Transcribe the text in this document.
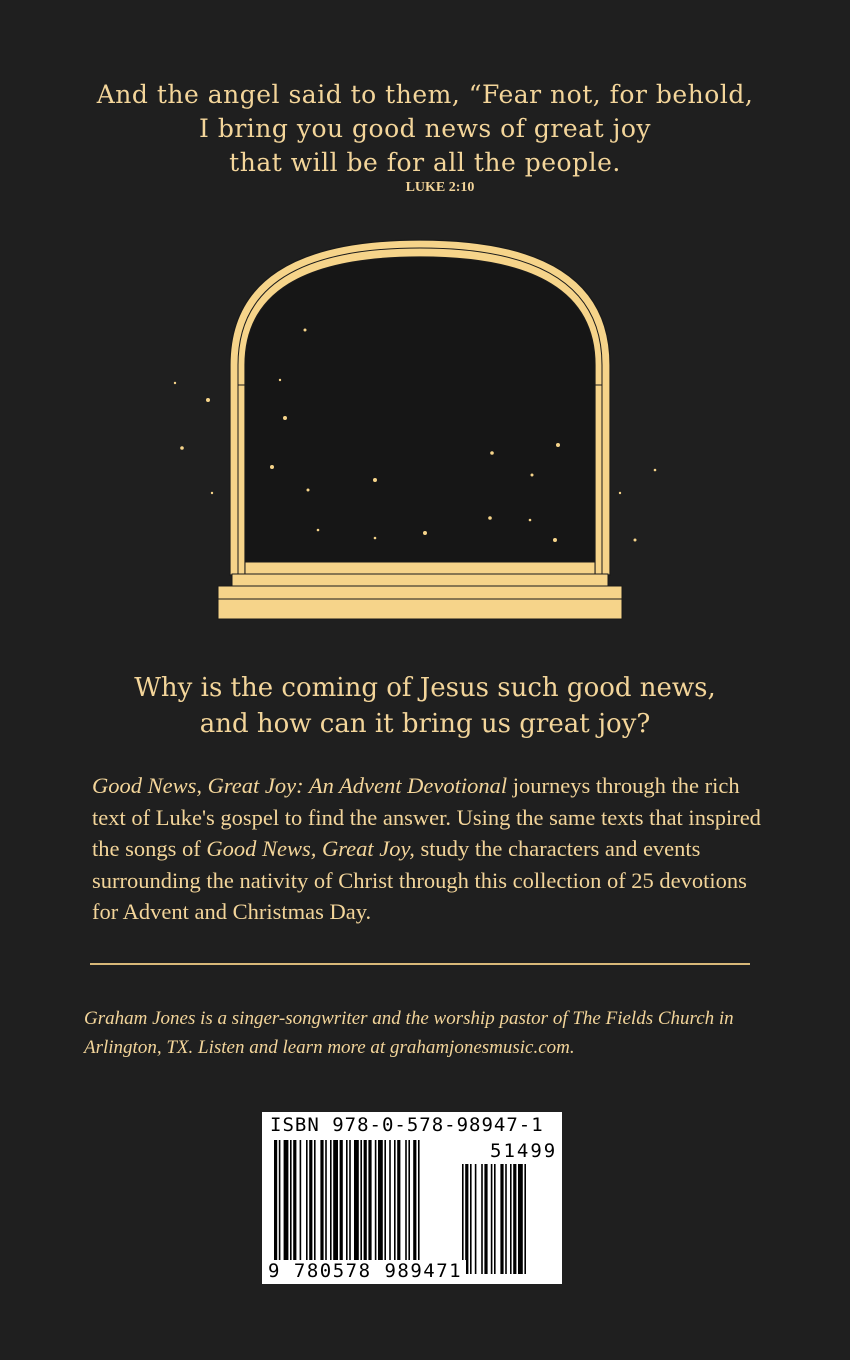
And the angel said to them, “Fear not, for behold,
I bring you good news of great joy
that will be for all the people.
LUKE 2:10
Why is the coming of Jesus such good news,
and how can it bring us great joy?
Good News, Great Joy: An Advent Devotional journeys through the rich text of Luke's gospel to find the answer. Using the same texts that inspired the songs of Good News, Great Joy, study the characters and events surrounding the nativity of Christ through this collection of 25 devotions for Advent and Christmas Day.
Graham Jones is a singer-songwriter and the worship pastor of The Fields Church in Arlington, TX. Listen and learn more at grahamjonesmusic.com.
ISBN 978-0-578-98947-1
51499
9 780578 989471
